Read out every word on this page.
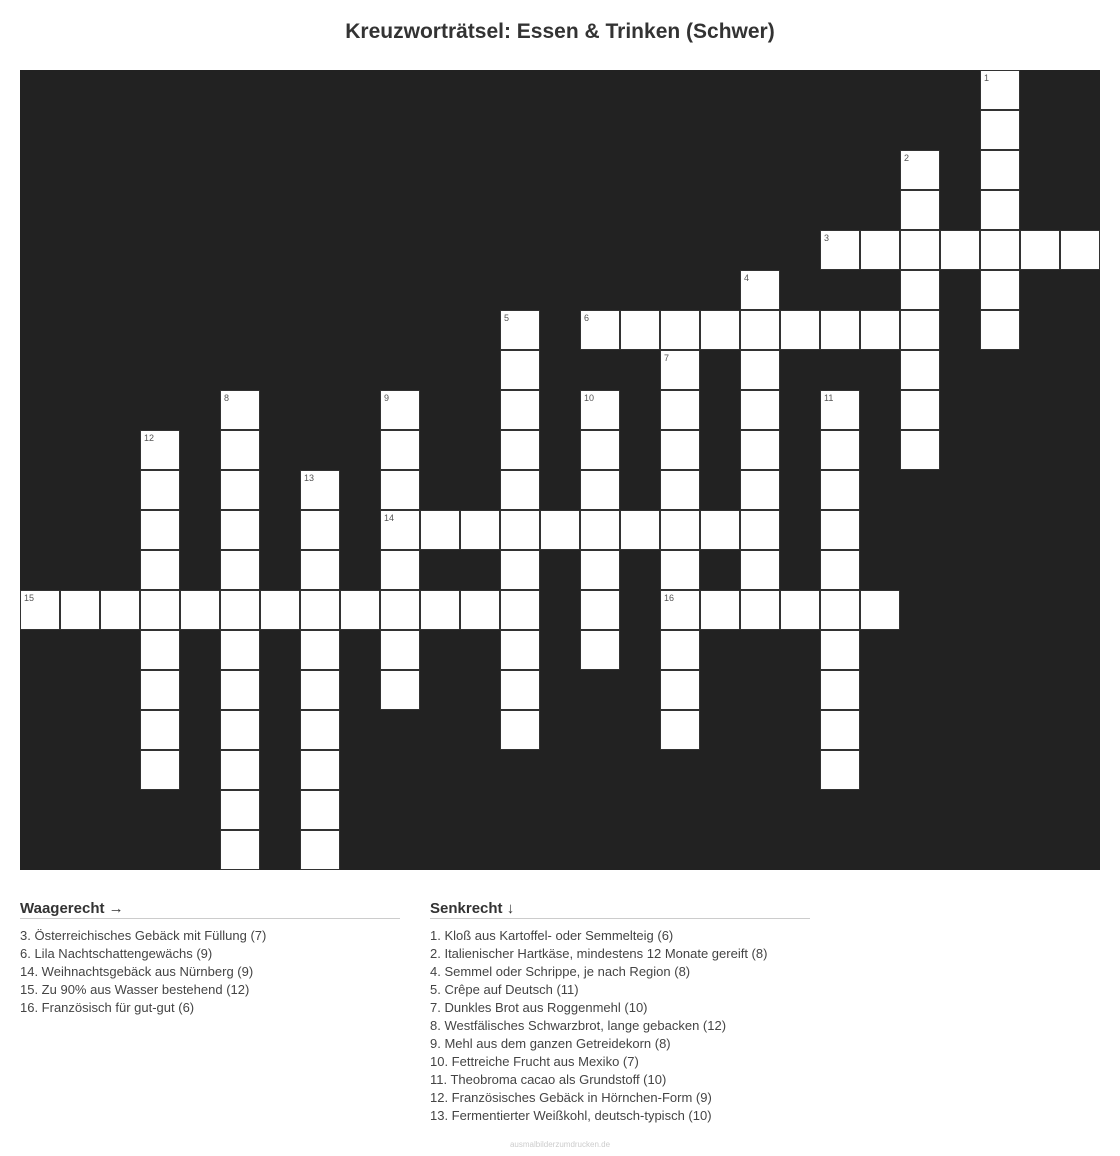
Kreuzworträtsel: Essen & Trinken (Schwer)
1
2
3
4
5	6
7
16
8	9
14
10	11
12
13
15
Waagerecht →
3. Österreichisches Gebäck mit Füllung (7)
6. Lila Nachtschattengewächs (9)
14. Weihnachtsgebäck aus Nürnberg (9)
15. Zu 90% aus Wasser bestehend (12)
16. Französisch für gut-gut (6)
Senkrecht ↓
1. Kloß aus Kartoffel- oder Semmelteig (6)
2. Italienischer Hartkäse, mindestens 12 Monate gereift (8)
4. Semmel oder Schrippe, je nach Region (8)
5. Crêpe auf Deutsch (11)
7. Dunkles Brot aus Roggenmehl (10)
8. Westfälisches Schwarzbrot, lange gebacken (12)
9. Mehl aus dem ganzen Getreidekorn (8)
10. Fettreiche Frucht aus Mexiko (7)
11. Theobroma cacao als Grundstoff (10)
12. Französisches Gebäck in Hörnchen-Form (9)
13. Fermentierter Weißkohl, deutsch-typisch (10)
ausmalbilderzumdrucken.de
